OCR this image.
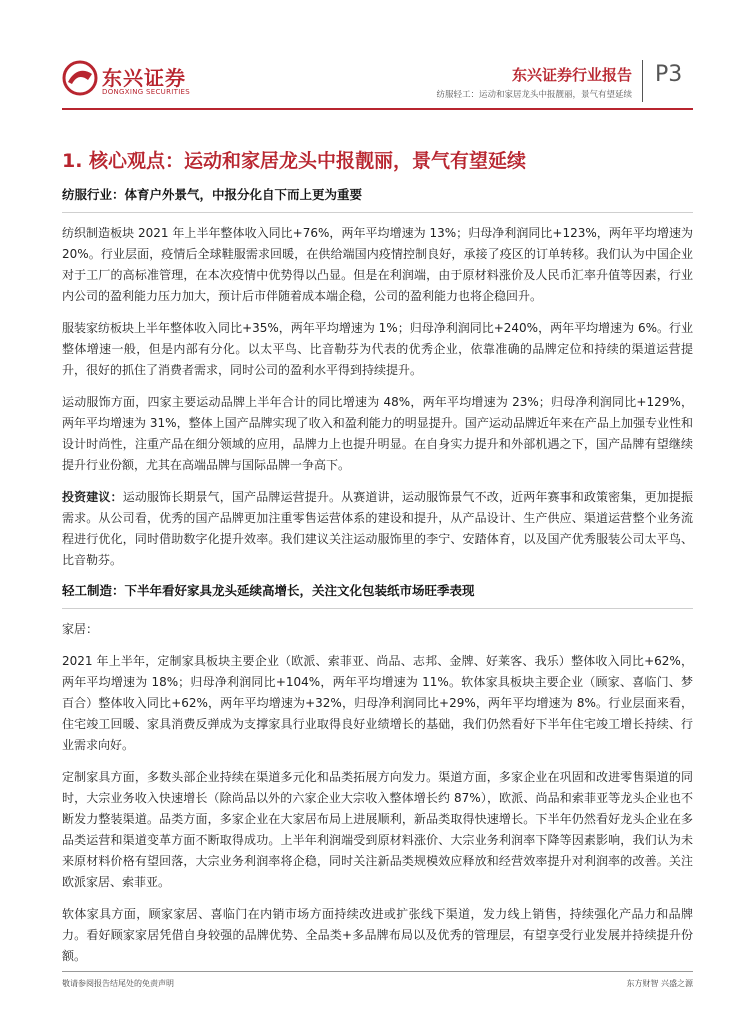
东兴证券
DONGXING SECURITIES
东兴证券行业报告
纺服轻工：运动和家居龙头中报靓丽，景气有望延续
P3
1. 核心观点：运动和家居龙头中报靓丽，景气有望延续
纺服行业：体育户外景气，中报分化自下而上更为重要

纺织制造板块 2021 年上半年整体收入同比+76%，两年平均增速为 13%；归母净利润同比+123%，两年平均增速为 20%。行业层面，疫情后全球鞋服需求回暖，在供给端国内疫情控制良好，承接了疫区的订单转移。我们认为中国企业对于工厂的高标准管理，在本次疫情中优势得以凸显。但是在利润端，由于原材料涨价及人民币汇率升值等因素，行业内公司的盈利能力压力加大，预计后市伴随着成本端企稳，公司的盈利能力也将企稳回升。

服装家纺板块上半年整体收入同比+35%，两年平均增速为 1%；归母净利润同比+240%，两年平均增速为 6%。行业整体增速一般，但是内部有分化。以太平鸟、比音勒芬为代表的优秀企业，依靠准确的品牌定位和持续的渠道运营提升，很好的抓住了消费者需求，同时公司的盈利水平得到持续提升。

运动服饰方面，四家主要运动品牌上半年合计的同比增速为 48%，两年平均增速为 23%；归母净利润同比+129%，两年平均增速为 31%，整体上国产品牌实现了收入和盈利能力的明显提升。国产运动品牌近年来在产品上加强专业性和设计时尚性，注重产品在细分领域的应用，品牌力上也提升明显。在自身实力提升和外部机遇之下，国产品牌有望继续提升行业份额，尤其在高端品牌与国际品牌一争高下。

投资建议：运动服饰长期景气，国产品牌运营提升。从赛道讲，运动服饰景气不改，近两年赛事和政策密集，更加提振需求。从公司看，优秀的国产品牌更加注重零售运营体系的建设和提升，从产品设计、生产供应、渠道运营整个业务流程进行优化，同时借助数字化提升效率。我们建议关注运动服饰里的李宁、安踏体育，以及国产优秀服装公司太平鸟、比音勒芬。

轻工制造：下半年看好家具龙头延续高增长，关注文化包装纸市场旺季表现

家居：

2021 年上半年，定制家具板块主要企业（欧派、索菲亚、尚品、志邦、金牌、好莱客、我乐）整体收入同比+62%，两年平均增速为 18%；归母净利润同比+104%，两年平均增速为 11%。软体家具板块主要企业（顾家、喜临门、梦百合）整体收入同比+62%，两年平均增速为+32%，归母净利润同比+29%，两年平均增速为 8%。行业层面来看，住宅竣工回暖、家具消费反弹成为支撑家具行业取得良好业绩增长的基础，我们仍然看好下半年住宅竣工增长持续、行业需求向好。

定制家具方面，多数头部企业持续在渠道多元化和品类拓展方向发力。渠道方面，多家企业在巩固和改进零售渠道的同时，大宗业务收入快速增长（除尚品以外的六家企业大宗收入整体增长约 87%），欧派、尚品和索菲亚等龙头企业也不断发力整装渠道。品类方面，多家企业在大家居布局上进展顺利，新品类取得快速增长。下半年仍然看好龙头企业在多品类运营和渠道变革方面不断取得成功。上半年利润端受到原材料涨价、大宗业务利润率下降等因素影响，我们认为未来原材料价格有望回落，大宗业务利润率将企稳，同时关注新品类规模效应释放和经营效率提升对利润率的改善。关注欧派家居、索菲亚。

软体家具方面，顾家家居、喜临门在内销市场方面持续改进或扩张线下渠道，发力线上销售，持续强化产品力和品牌力。看好顾家家居凭借自身较强的品牌优势、全品类+多品牌布局以及优秀的管理层，有望享受行业发展并持续提升份额。

敬请参阅报告结尾处的免责声明	东方财智 兴盛之源
